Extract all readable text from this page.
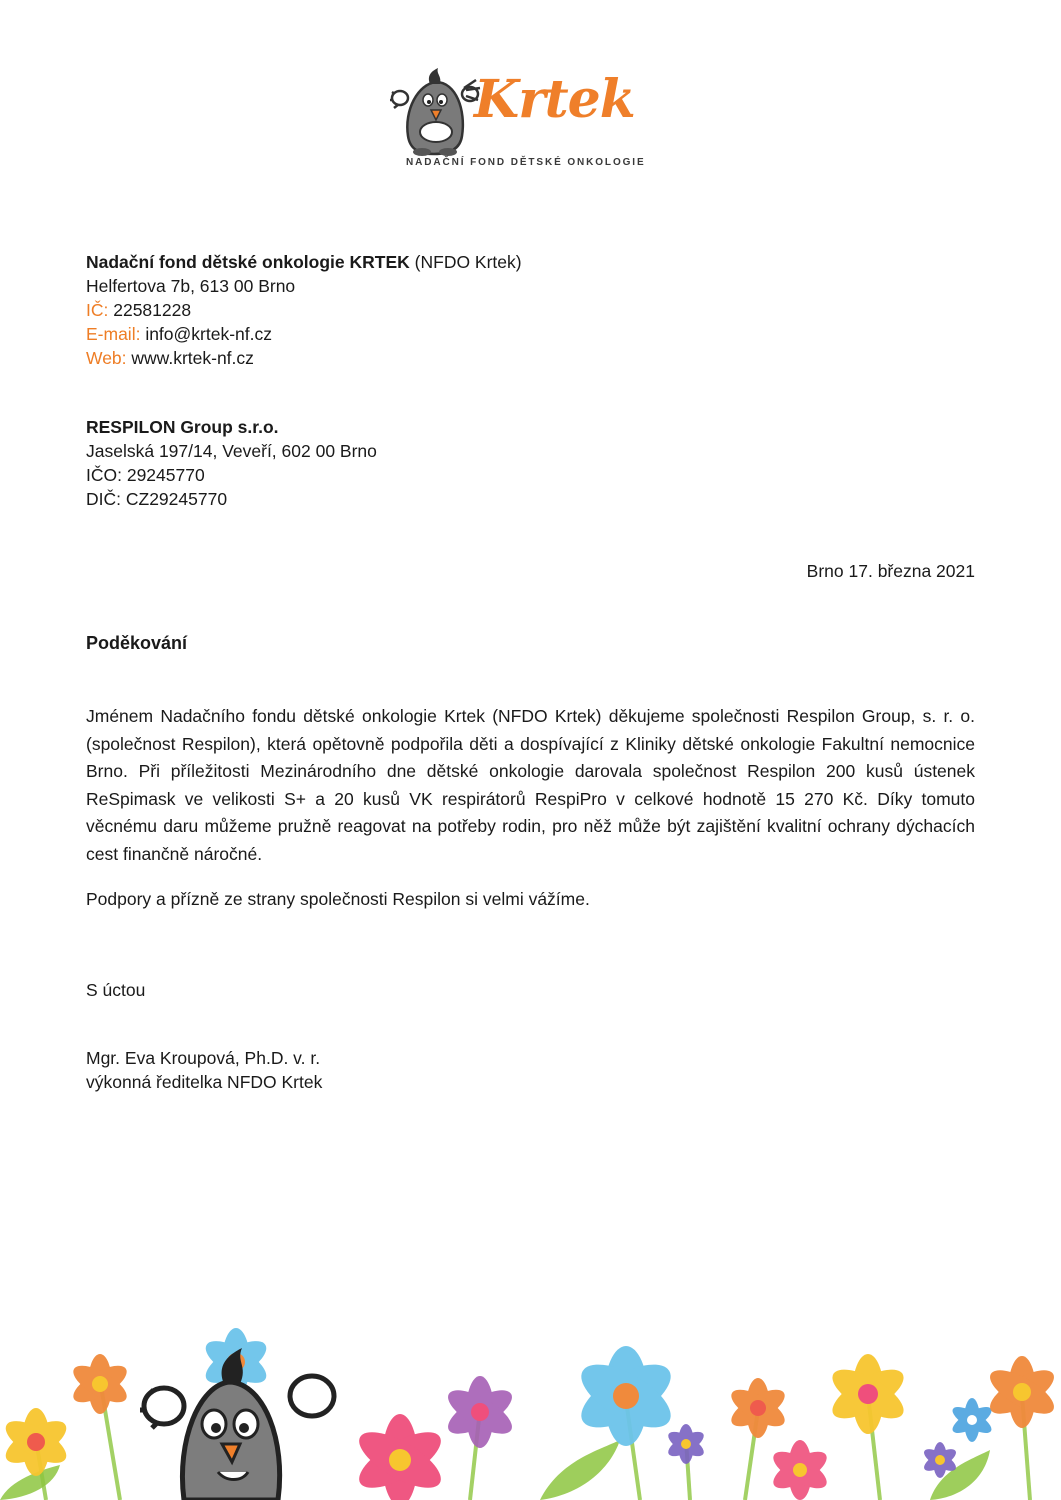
Krtek
NADAČNÍ FOND DĚTSKÉ ONKOLOGIE
Nadační fond dětské onkologie KRTEK (NFDO Krtek)
Helfertova 7b, 613 00 Brno
IČ: 22581228
E-mail: info@krtek-nf.cz
Web: www.krtek-nf.cz
RESPILON Group s.r.o.
Jaselská 197/14, Veveří, 602 00 Brno
IČO: 29245770
DIČ: CZ29245770
Brno 17. března 2021
Poděkování
Jménem Nadačního fondu dětské onkologie Krtek (NFDO Krtek) děkujeme společnosti Respilon Group, s. r. o. (společnost Respilon), která opětovně podpořila děti a dospívající z Kliniky dětské onkologie Fakultní nemocnice Brno. Při příležitosti Mezinárodního dne dětské onkologie darovala společnost Respilon 200 kusů ústenek ReSpimask ve velikosti S+ a 20 kusů VK respirátorů RespiPro v celkové hodnotě 15 270 Kč. Díky tomuto věcnému daru můžeme pružně reagovat na potřeby rodin, pro něž může být zajištění kvalitní ochrany dýchacích cest finančně náročné.
Podpory a přízně ze strany společnosti Respilon si velmi vážíme.
S úctou
Mgr. Eva Kroupová, Ph.D. v. r.
výkonná ředitelka NFDO Krtek
